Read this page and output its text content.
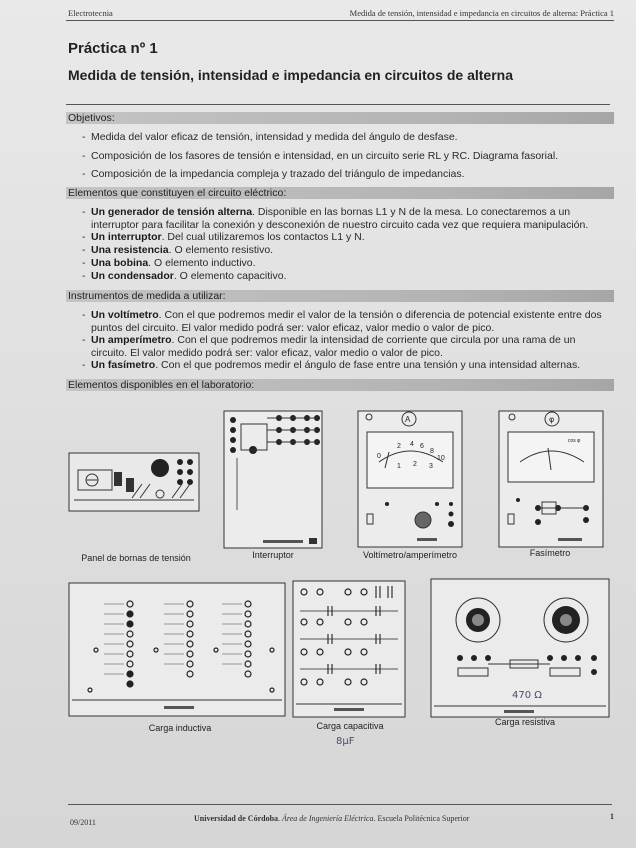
Electrotecnia	Medida de tensión, intensidad e impedancia en circuitos de alterna: Práctica 1
Práctica nº 1
Medida de tensión, intensidad e impedancia en circuitos de alterna
Objetivos:
- Medida del valor eficaz de tensión, intensidad y medida del ángulo de desfase.
- Composición de los fasores de tensión e intensidad, en un circuito serie RL y RC. Diagrama fasorial.
- Composición de la impedancia compleja y trazado del triángulo de impedancias.
Elementos que constituyen el circuito eléctrico:
- Un generador de tensión alterna. Disponible en las bornas L1 y N de la mesa. Lo conectaremos a un interruptor para facilitar la conexión y desconexión de nuestro circuito cada vez que requiera manipulación.
- Un interruptor. Del cual utilizaremos los contactos L1 y N.
- Una resistencia. O elemento resistivo.
- Una bobina. O elemento inductivo.
- Un condensador. O elemento capacitivo.
Instrumentos de medida a utilizar:
- Un voltímetro. Con el que podremos medir el valor de la tensión o diferencia de potencial existente entre dos puntos del circuito. El valor medido podrá ser: valor eficaz, valor medio o valor de pico.
- Un amperímetro. Con el que podremos medir la intensidad de corriente que circula por una rama de un circuito. El valor medido podrá ser: valor eficaz, valor medio o valor de pico.
- Un fasímetro. Con el que podremos medir el ángulo de fase entre una tensión y una intensidad alternas.
Elementos disponibles en el laboratorio:
Panel de bornas de tensión	Interruptor
A
0
2 4 6
8
10
1 2 3
Voltímetro/amperímetro
φ
cos φ
Fasímetro
Carga inductiva	Carga capacitiva
8µF
470 Ω
Carga resistiva
09/2011	Universidad de Córdoba. Área de Ingeniería Eléctrica. Escuela Politécnica Superior	1
